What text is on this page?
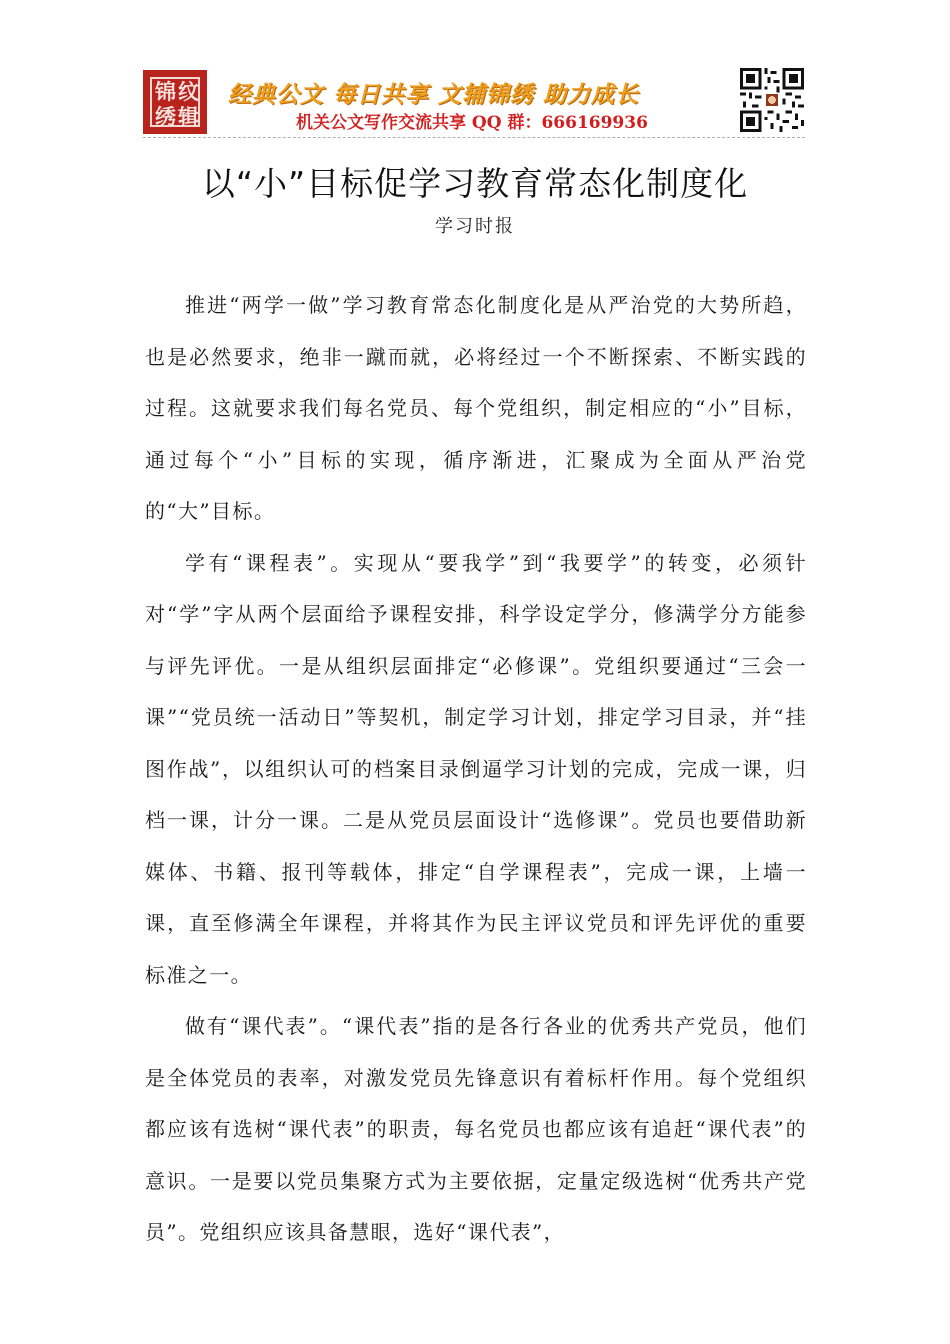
锦 纹
绣 辑
经典公文 每日共享 文辅锦绣 助力成长
机关公文写作交流共享 QQ 群：666169936
以“小”目标促学习教育常态化制度化
学习时报

推进“两学一做”学习教育常态化制度化是从严治党的大势所趋，也是必然要求，绝非一蹴而就，必将经过一个不断探索、不断实践的过程。这就要求我们每名党员、每个党组织，制定相应的“小”目标，通过每个“小”目标的实现，循序渐进，汇聚成为全面从严治党的“大”目标。

学有“课程表”。实现从“要我学”到“我要学”的转变，必须针对“学”字从两个层面给予课程安排，科学设定学分，修满学分方能参与评先评优。一是从组织层面排定“必修课”。党组织要通过“三会一课”“党员统一活动日”等契机，制定学习计划，排定学习目录，并“挂图作战”，以组织认可的档案目录倒逼学习计划的完成，完成一课，归档一课，计分一课。二是从党员层面设计“选修课”。党员也要借助新媒体、书籍、报刊等载体，排定“自学课程表”，完成一课，上墙一课，直至修满全年课程，并将其作为民主评议党员和评先评优的重要标准之一。

做有“课代表”。“课代表”指的是各行各业的优秀共产党员，他们是全体党员的表率，对激发党员先锋意识有着标杆作用。每个党组织都应该有选树“课代表”的职责，每名党员也都应该有追赶“课代表”的意识。一是要以党员集聚方式为主要依据，定量定级选树“优秀共产党员”。党组织应该具备慧眼，选好“课代表”，
